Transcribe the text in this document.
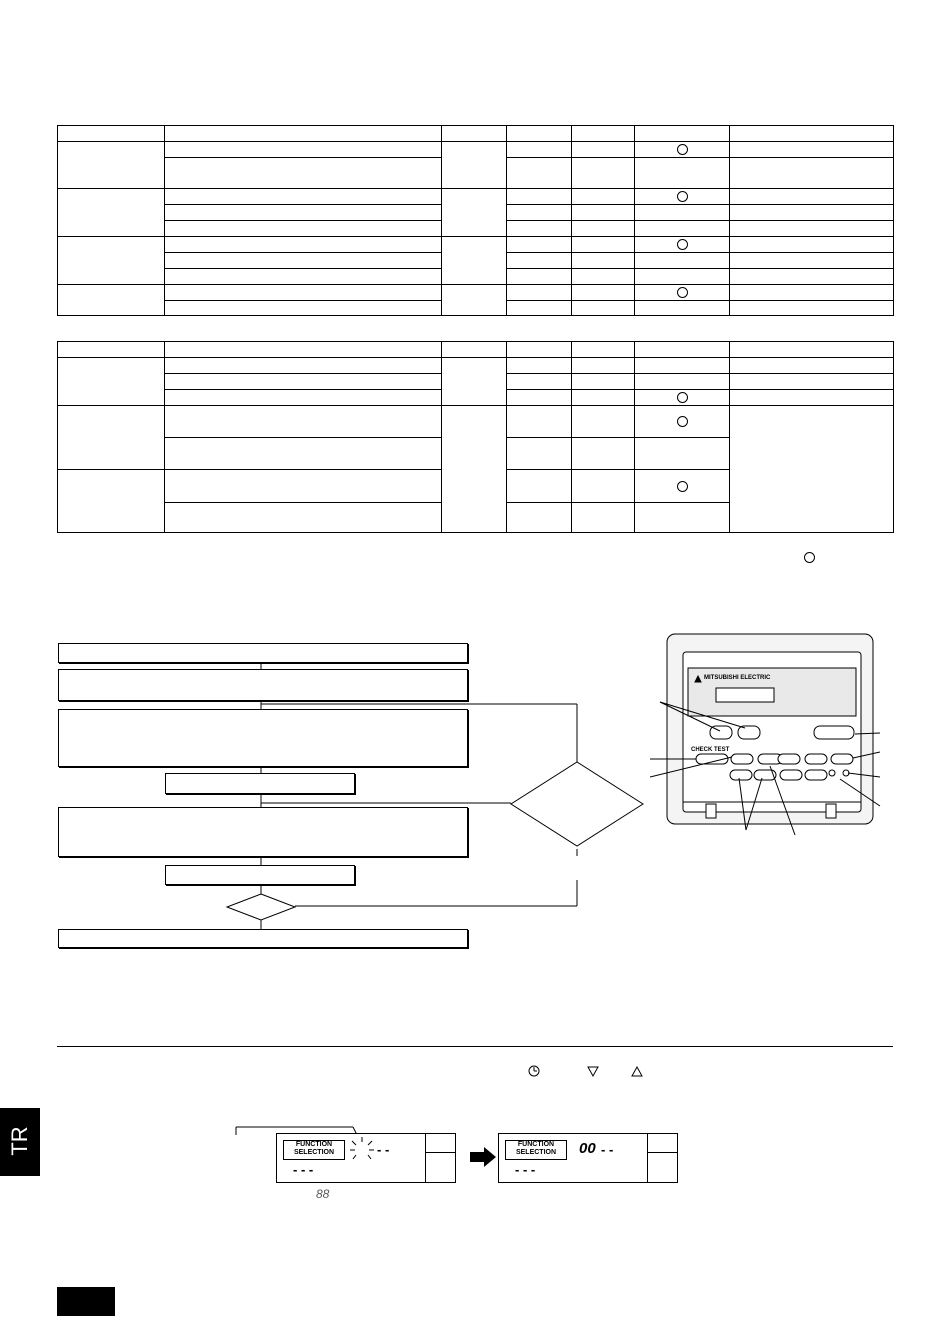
MITSUBISHI ELECTRIC
CHECK TEST
FUNCTION
SELECTION	- -
- - -
88
FUNCTION
SELECTION	00 - -
- - -
TR
